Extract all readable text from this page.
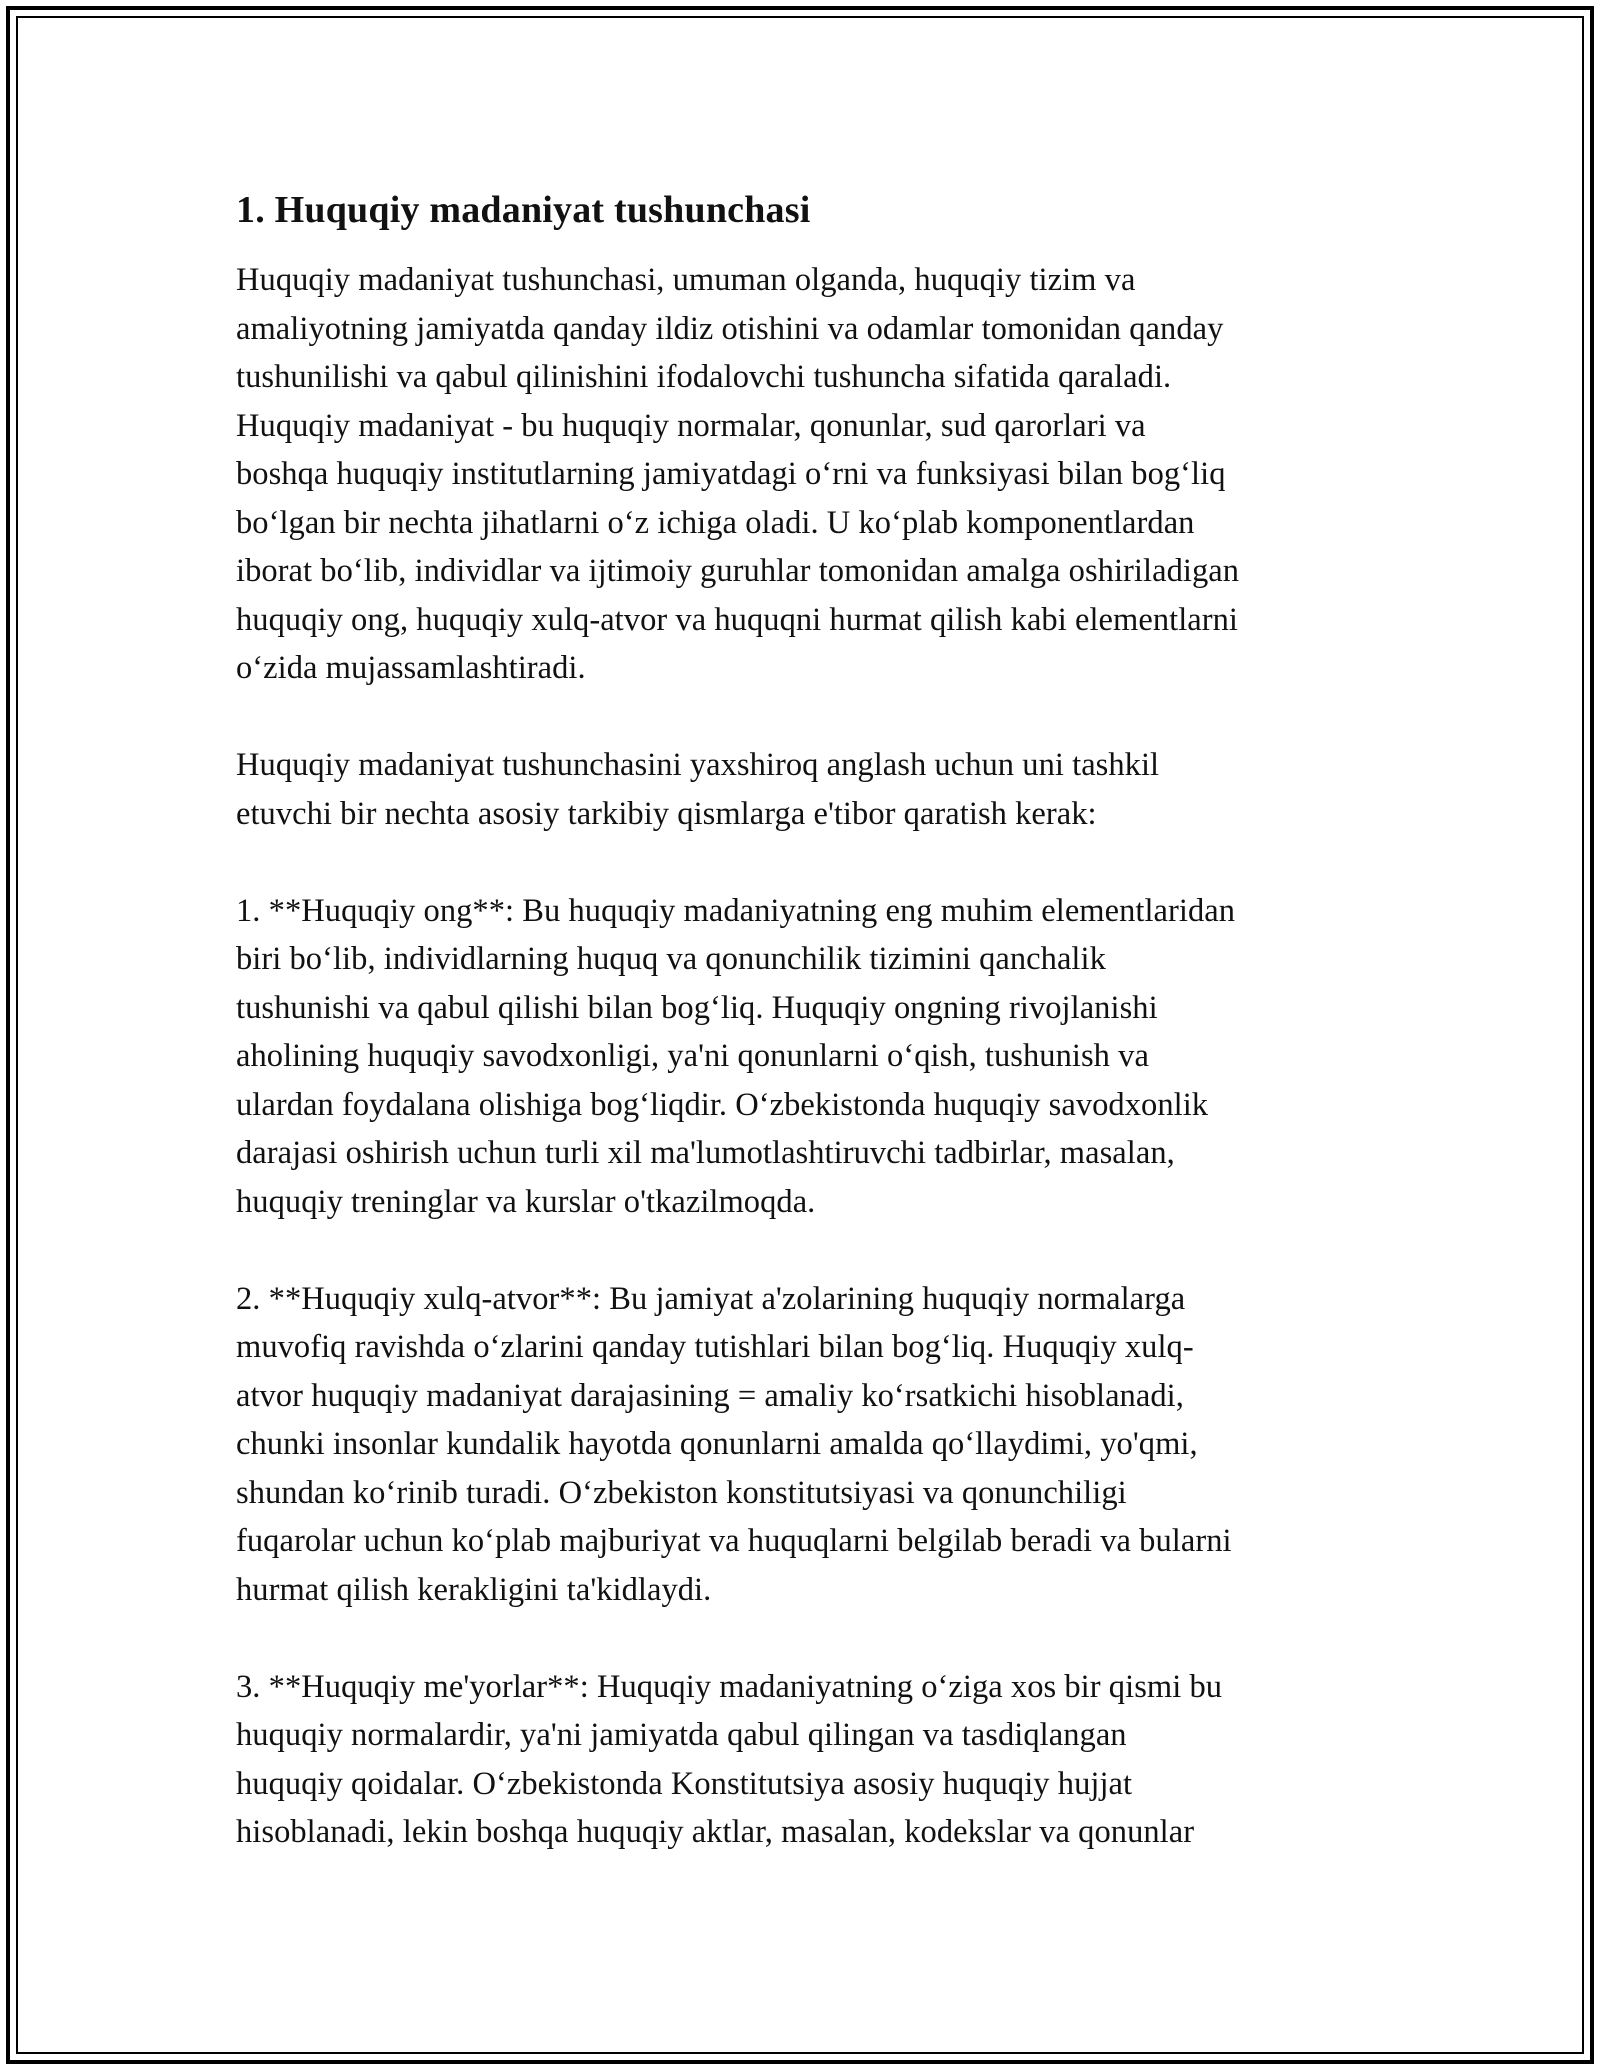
1. Huquqiy madaniyat tushunchasi

Huquqiy madaniyat tushunchasi, umuman olganda, huquqiy tizim va
amaliyotning jamiyatda qanday ildiz otishini va odamlar tomonidan qanday
tushunilishi va qabul qilinishini ifodalovchi tushuncha sifatida qaraladi.
Huquqiy madaniyat - bu huquqiy normalar, qonunlar, sud qarorlari va
boshqa huquqiy institutlarning jamiyatdagi o‘rni va funksiyasi bilan bog‘liq
bo‘lgan bir nechta jihatlarni o‘z ichiga oladi. U ko‘plab komponentlardan
iborat bo‘lib, individlar va ijtimoiy guruhlar tomonidan amalga oshiriladigan
huquqiy ong, huquqiy xulq-atvor va huquqni hurmat qilish kabi elementlarni
o‘zida mujassamlashtiradi.

Huquqiy madaniyat tushunchasini yaxshiroq anglash uchun uni tashkil
etuvchi bir nechta asosiy tarkibiy qismlarga e'tibor qaratish kerak:

1. **Huquqiy ong**: Bu huquqiy madaniyatning eng muhim elementlaridan
biri bo‘lib, individlarning huquq va qonunchilik tizimini qanchalik
tushunishi va qabul qilishi bilan bog‘liq. Huquqiy ongning rivojlanishi
aholining huquqiy savodxonligi, ya'ni qonunlarni o‘qish, tushunish va
ulardan foydalana olishiga bog‘liqdir. O‘zbekistonda huquqiy savodxonlik
darajasi oshirish uchun turli xil ma'lumotlashtiruvchi tadbirlar, masalan,
huquqiy treninglar va kurslar o'tkazilmoqda.

2. **Huquqiy xulq-atvor**: Bu jamiyat a'zolarining huquqiy normalarga
muvofiq ravishda o‘zlarini qanday tutishlari bilan bog‘liq. Huquqiy xulq-
atvor huquqiy madaniyat darajasining = amaliy ko‘rsatkichi hisoblanadi,
chunki insonlar kundalik hayotda qonunlarni amalda qo‘llaydimi, yo'qmi,
shundan ko‘rinib turadi. O‘zbekiston konstitutsiyasi va qonunchiligi
fuqarolar uchun ko‘plab majburiyat va huquqlarni belgilab beradi va bularni
hurmat qilish kerakligini ta'kidlaydi.

3. **Huquqiy me'yorlar**: Huquqiy madaniyatning o‘ziga xos bir qismi bu
huquqiy normalardir, ya'ni jamiyatda qabul qilingan va tasdiqlangan
huquqiy qoidalar. O‘zbekistonda Konstitutsiya asosiy huquqiy hujjat
hisoblanadi, lekin boshqa huquqiy aktlar, masalan, kodekslar va qonunlar
